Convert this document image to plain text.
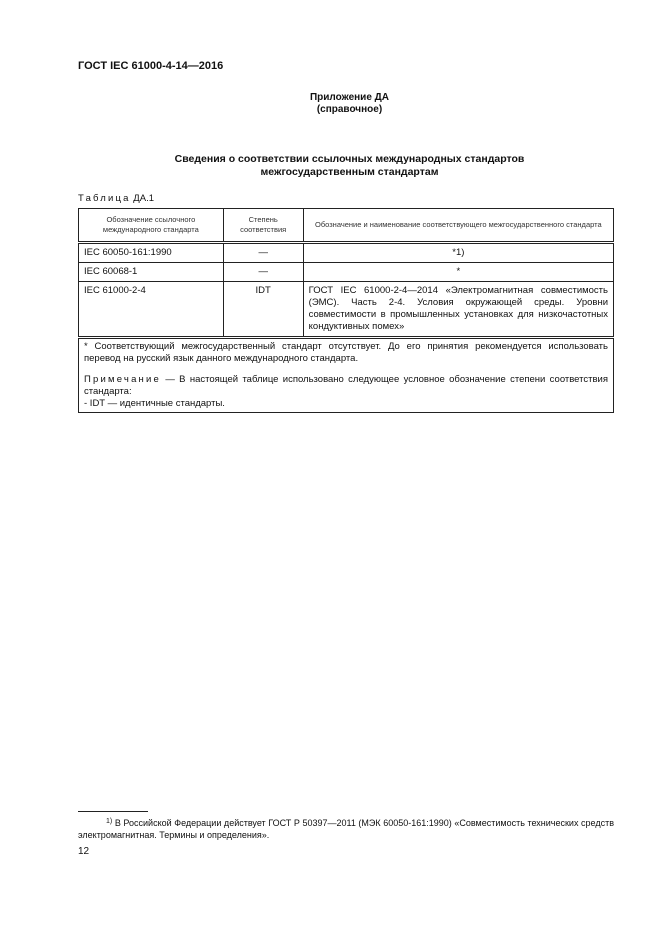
ГОСТ IEC 61000-4-14—2016
Приложение ДА
(справочное)
Сведения о соответствии ссылочных международных стандартов
межгосударственным стандартам
Таблица ДА.1
Обозначение ссылочного международного стандарта	Степень соответствия	Обозначение и наименование соответствующего межгосударственного стандарта
IEC 60050-161:1990	—	*1)
IEC 60068-1	—	*
IEC 61000-2-4	IDT	ГОСТ IEC 61000-2-4—2014 «Электромагнитная совместимость (ЭМС). Часть 2-4. Условия окружающей среды. Уровни совместимости в промышленных установках для низкочастотных кондуктивных помех»

* Соответствующий межгосударственный стандарт отсутствует. До его принятия рекомендуется использовать перевод на русский язык данного международного стандарта.

Примечание — В настоящей таблице использовано следующее условное обозначение степени соответствия стандарта:

- IDT — идентичные стандарты.		

$^{1)}$ В Российской Федерации действует ГОСТ Р 50397—2011 (МЭК 60050-161:1990) «Совместимость технических средств электромагнитная. Термины и определения».
12
